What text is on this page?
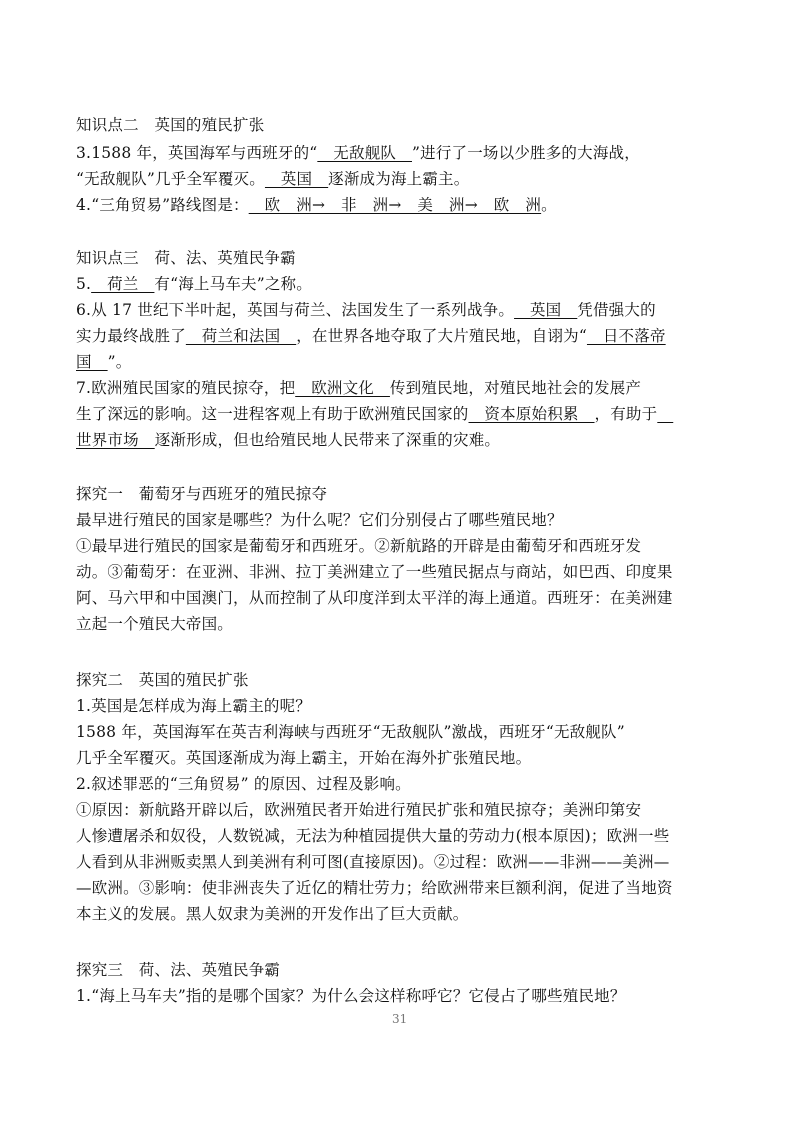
知识点二　英国的殖民扩张
3.1588 年，英国海军与西班牙的“__无敌舰队__”进行了一场以少胜多的大海战，
“无敌舰队”几乎全军覆灭。__英国__逐渐成为海上霸主。
4.“三角贸易”路线图是：__欧__洲→__非__洲→__美__洲→__欧__洲。
知识点三　荷、法、英殖民争霸
5.__荷兰__有“海上马车夫”之称。
6.从 17 世纪下半叶起，英国与荷兰、法国发生了一系列战争。__英国__凭借强大的
实力最终战胜了__荷兰和法国__，在世界各地夺取了大片殖民地，自诩为“__日不落帝
国__”。
7.欧洲殖民国家的殖民掠夺，把__欧洲文化__传到殖民地，对殖民地社会的发展产
生了深远的影响。这一进程客观上有助于欧洲殖民国家的__资本原始积累__，有助于__
世界市场__逐渐形成，但也给殖民地人民带来了深重的灾难。
探究一　葡萄牙与西班牙的殖民掠夺
最早进行殖民的国家是哪些？为什么呢？它们分别侵占了哪些殖民地？
①最早进行殖民的国家是葡萄牙和西班牙。②新航路的开辟是由葡萄牙和西班牙发
动。③葡萄牙：在亚洲、非洲、拉丁美洲建立了一些殖民据点与商站，如巴西、印度果
阿、马六甲和中国澳门，从而控制了从印度洋到太平洋的海上通道。西班牙：在美洲建
立起一个殖民大帝国。
探究二　英国的殖民扩张
1.英国是怎样成为海上霸主的呢？
1588 年，英国海军在英吉利海峡与西班牙“无敌舰队”激战，西班牙“无敌舰队”
几乎全军覆灭。英国逐渐成为海上霸主，开始在海外扩张殖民地。
2.叙述罪恶的“三角贸易” 的原因、过程及影响。
①原因：新航路开辟以后，欧洲殖民者开始进行殖民扩张和殖民掠夺；美洲印第安
人惨遭屠杀和奴役，人数锐减，无法为种植园提供大量的劳动力(根本原因)；欧洲一些
人看到从非洲贩卖黑人到美洲有利可图(直接原因)。②过程：欧洲——非洲——美洲—
—欧洲。③影响：使非洲丧失了近亿的精壮劳力；给欧洲带来巨额利润，促进了当地资
本主义的发展。黑人奴隶为美洲的开发作出了巨大贡献。
探究三　荷、法、英殖民争霸
1.“海上马车夫”指的是哪个国家？为什么会这样称呼它？它侵占了哪些殖民地？
31
